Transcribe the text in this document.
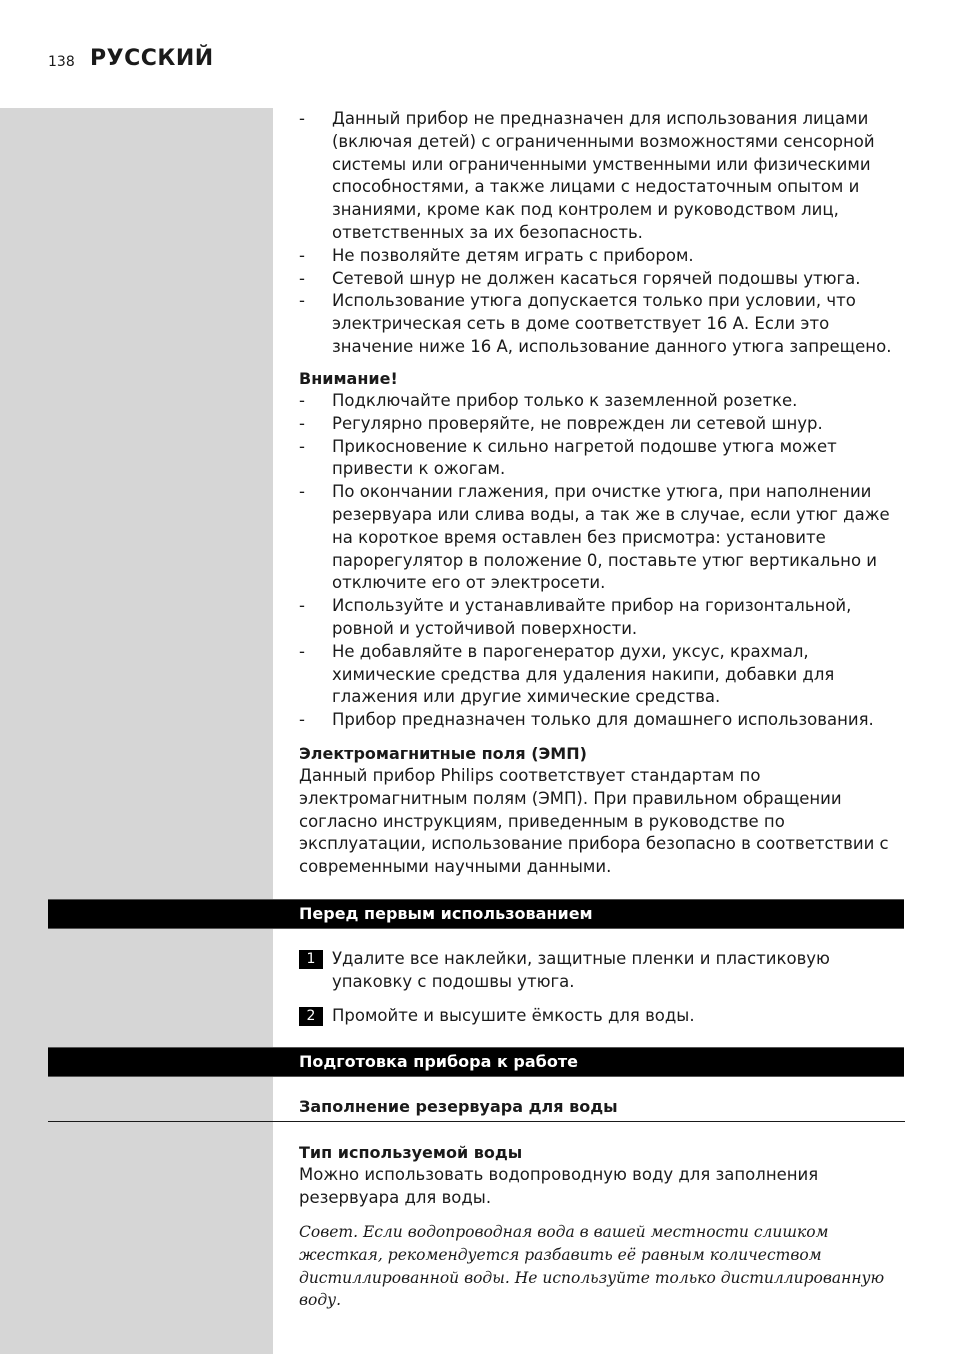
138 РУССКИЙ
- Данный прибор не предназначен для использования лицами (включая детей) с ограниченными возможностями сенсорной системы или ограниченными умственными или физическими способностями, а также лицами с недостаточным опытом и знаниями, кроме как под контролем и руководством лиц, ответственных за их безопасность.
- Не позволяйте детям играть с прибором.
- Сетевой шнур не должен касаться горячей подошвы утюга.
- Использование утюга допускается только при условии, что электрическая сеть в доме соответствует 16 А. Если это значение ниже 16 А, использование данного утюга запрещено.
Внимание!
- Подключайте прибор только к заземленной розетке.
- Регулярно проверяйте, не поврежден ли сетевой шнур.
- Прикосновение к сильно нагретой подошве утюга может привести к ожогам.
- По окончании глажения, при очистке утюга, при наполнении резервуара или слива воды, а так же в случае, если утюг даже на короткое время оставлен без присмотра: установите парорегулятор в положение 0, поставьте утюг вертикально и отключите его от электросети.
- Используйте и устанавливайте прибор на горизонтальной, ровной и устойчивой поверхности.
- Не добавляйте в парогенератор духи, уксус, крахмал, химические средства для удаления накипи, добавки для глажения или другие химические средства.
- Прибор предназначен только для домашнего использования.
Электромагнитные поля (ЭМП)
Данный прибор Philips соответствует стандартам по электромагнитным полям (ЭМП). При правильном обращении согласно инструкциям, приведенным в руководстве по эксплуатации, использование прибора безопасно в соответствии с современными научными данными.
Перед первым использованием
1	Удалите все наклейки, защитные пленки и пластиковую упаковку с подошвы утюга.
2	Промойте и высушите ёмкость для воды.
Подготовка прибора к работе
Заполнение резервуара для воды
Тип используемой воды
Можно использовать водопроводную воду для заполнения резервуара для воды.
Совет. Если водопроводная вода в вашей местности слишком жесткая, рекомендуется разбавить её равным количеством дистиллированной воды. Не используйте только дистиллированную воду.
